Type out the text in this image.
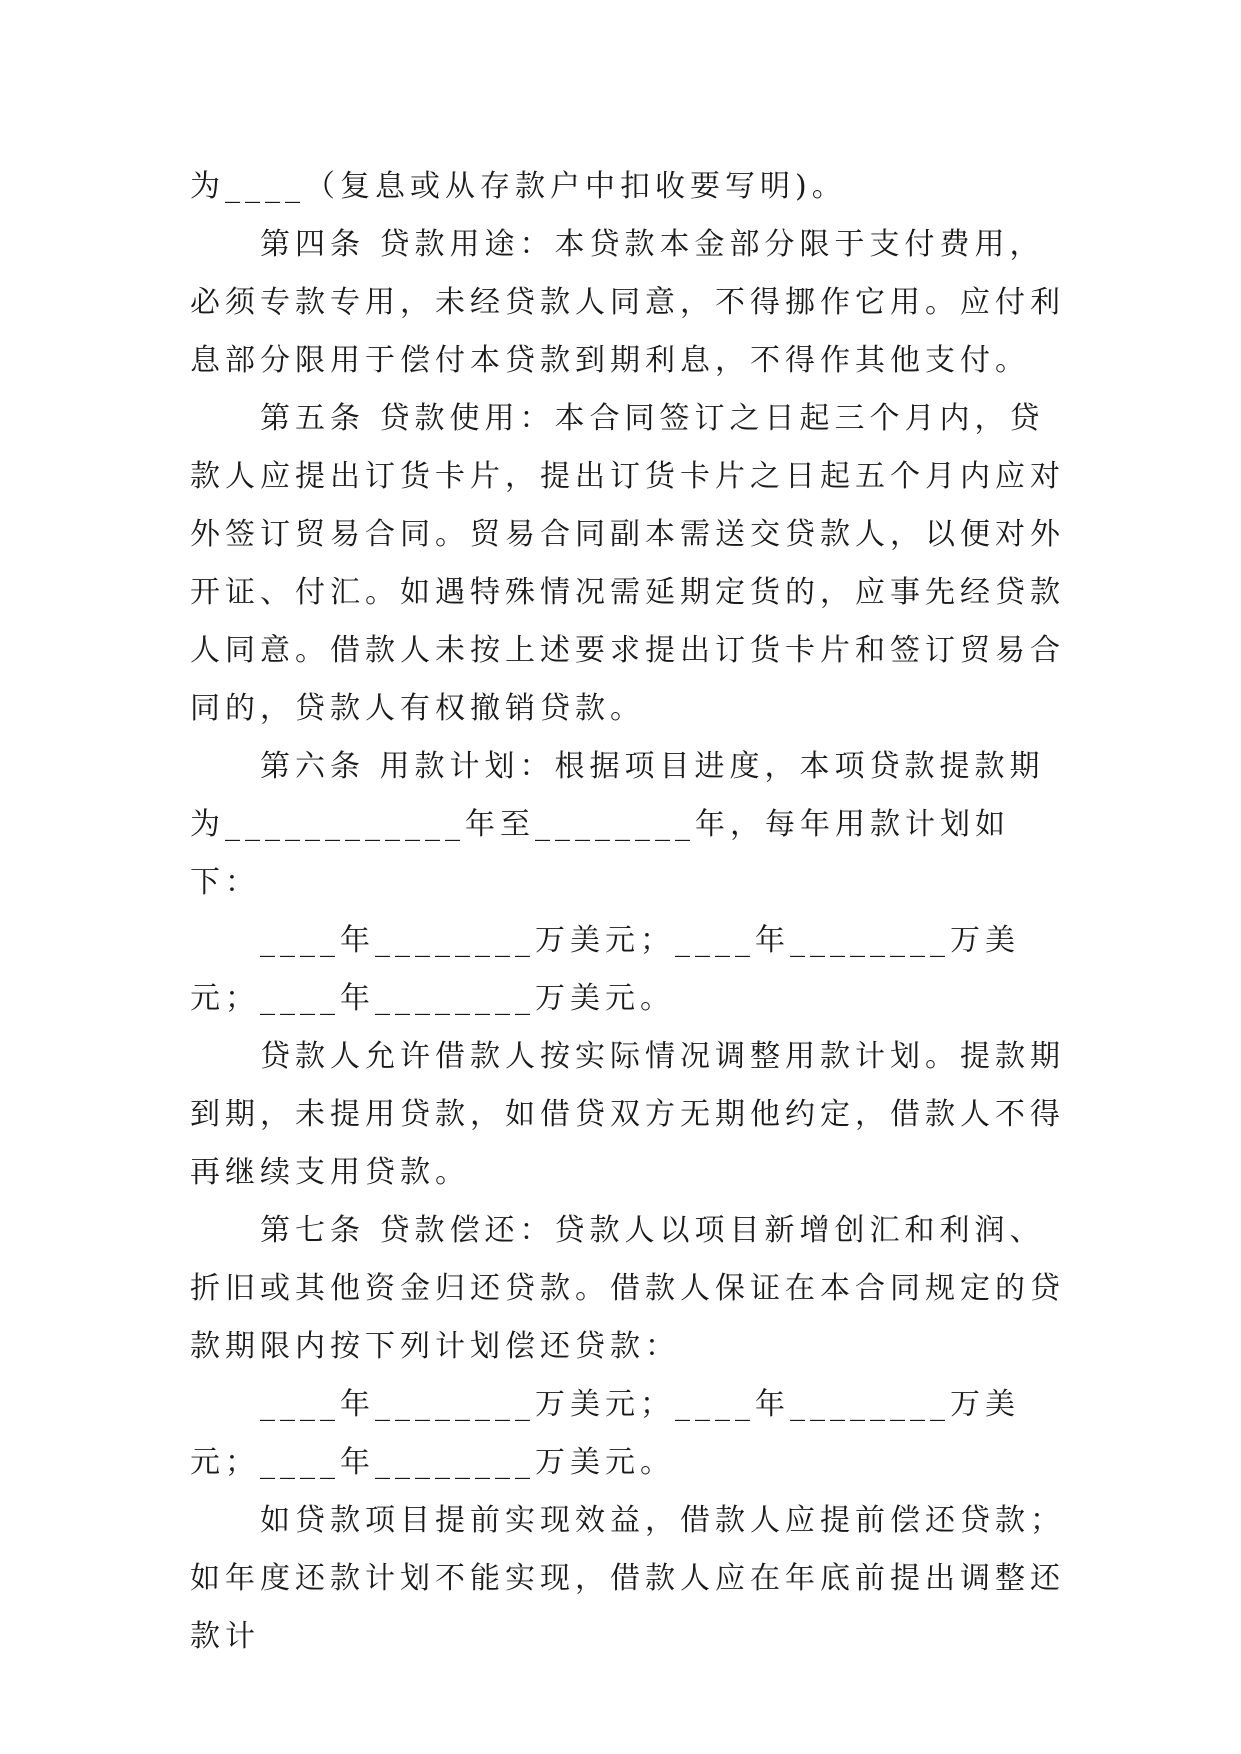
为____（复息或从存款户中扣收要写明)。

第四条 贷款用途：本贷款本金部分限于支付费用，必须专款专用，未经贷款人同意，不得挪作它用。应付利息部分限用于偿付本贷款到期利息，不得作其他支付。

第五条 贷款使用：本合同签订之日起三个月内，贷款人应提出订货卡片，提出订货卡片之日起五个月内应对外签订贸易合同。贸易合同副本需送交贷款人，以便对外开证、付汇。如遇特殊情况需延期定货的，应事先经贷款人同意。借款人未按上述要求提出订货卡片和签订贸易合同的，贷款人有权撤销贷款。

第六条 用款计划：根据项目进度，本项贷款提款期为____________年至________年，每年用款计划如下：

____年________万美元；____年________万美元；____年________万美元。

贷款人允许借款人按实际情况调整用款计划。提款期到期，未提用贷款，如借贷双方无期他约定，借款人不得再继续支用贷款。

第七条 贷款偿还：贷款人以项目新增创汇和利润、折旧或其他资金归还贷款。借款人保证在本合同规定的贷款期限内按下列计划偿还贷款：

____年________万美元；____年________万美元；____年________万美元。

如贷款项目提前实现效益，借款人应提前偿还贷款；如年度还款计划不能实现，借款人应在年底前提出调整还款计
